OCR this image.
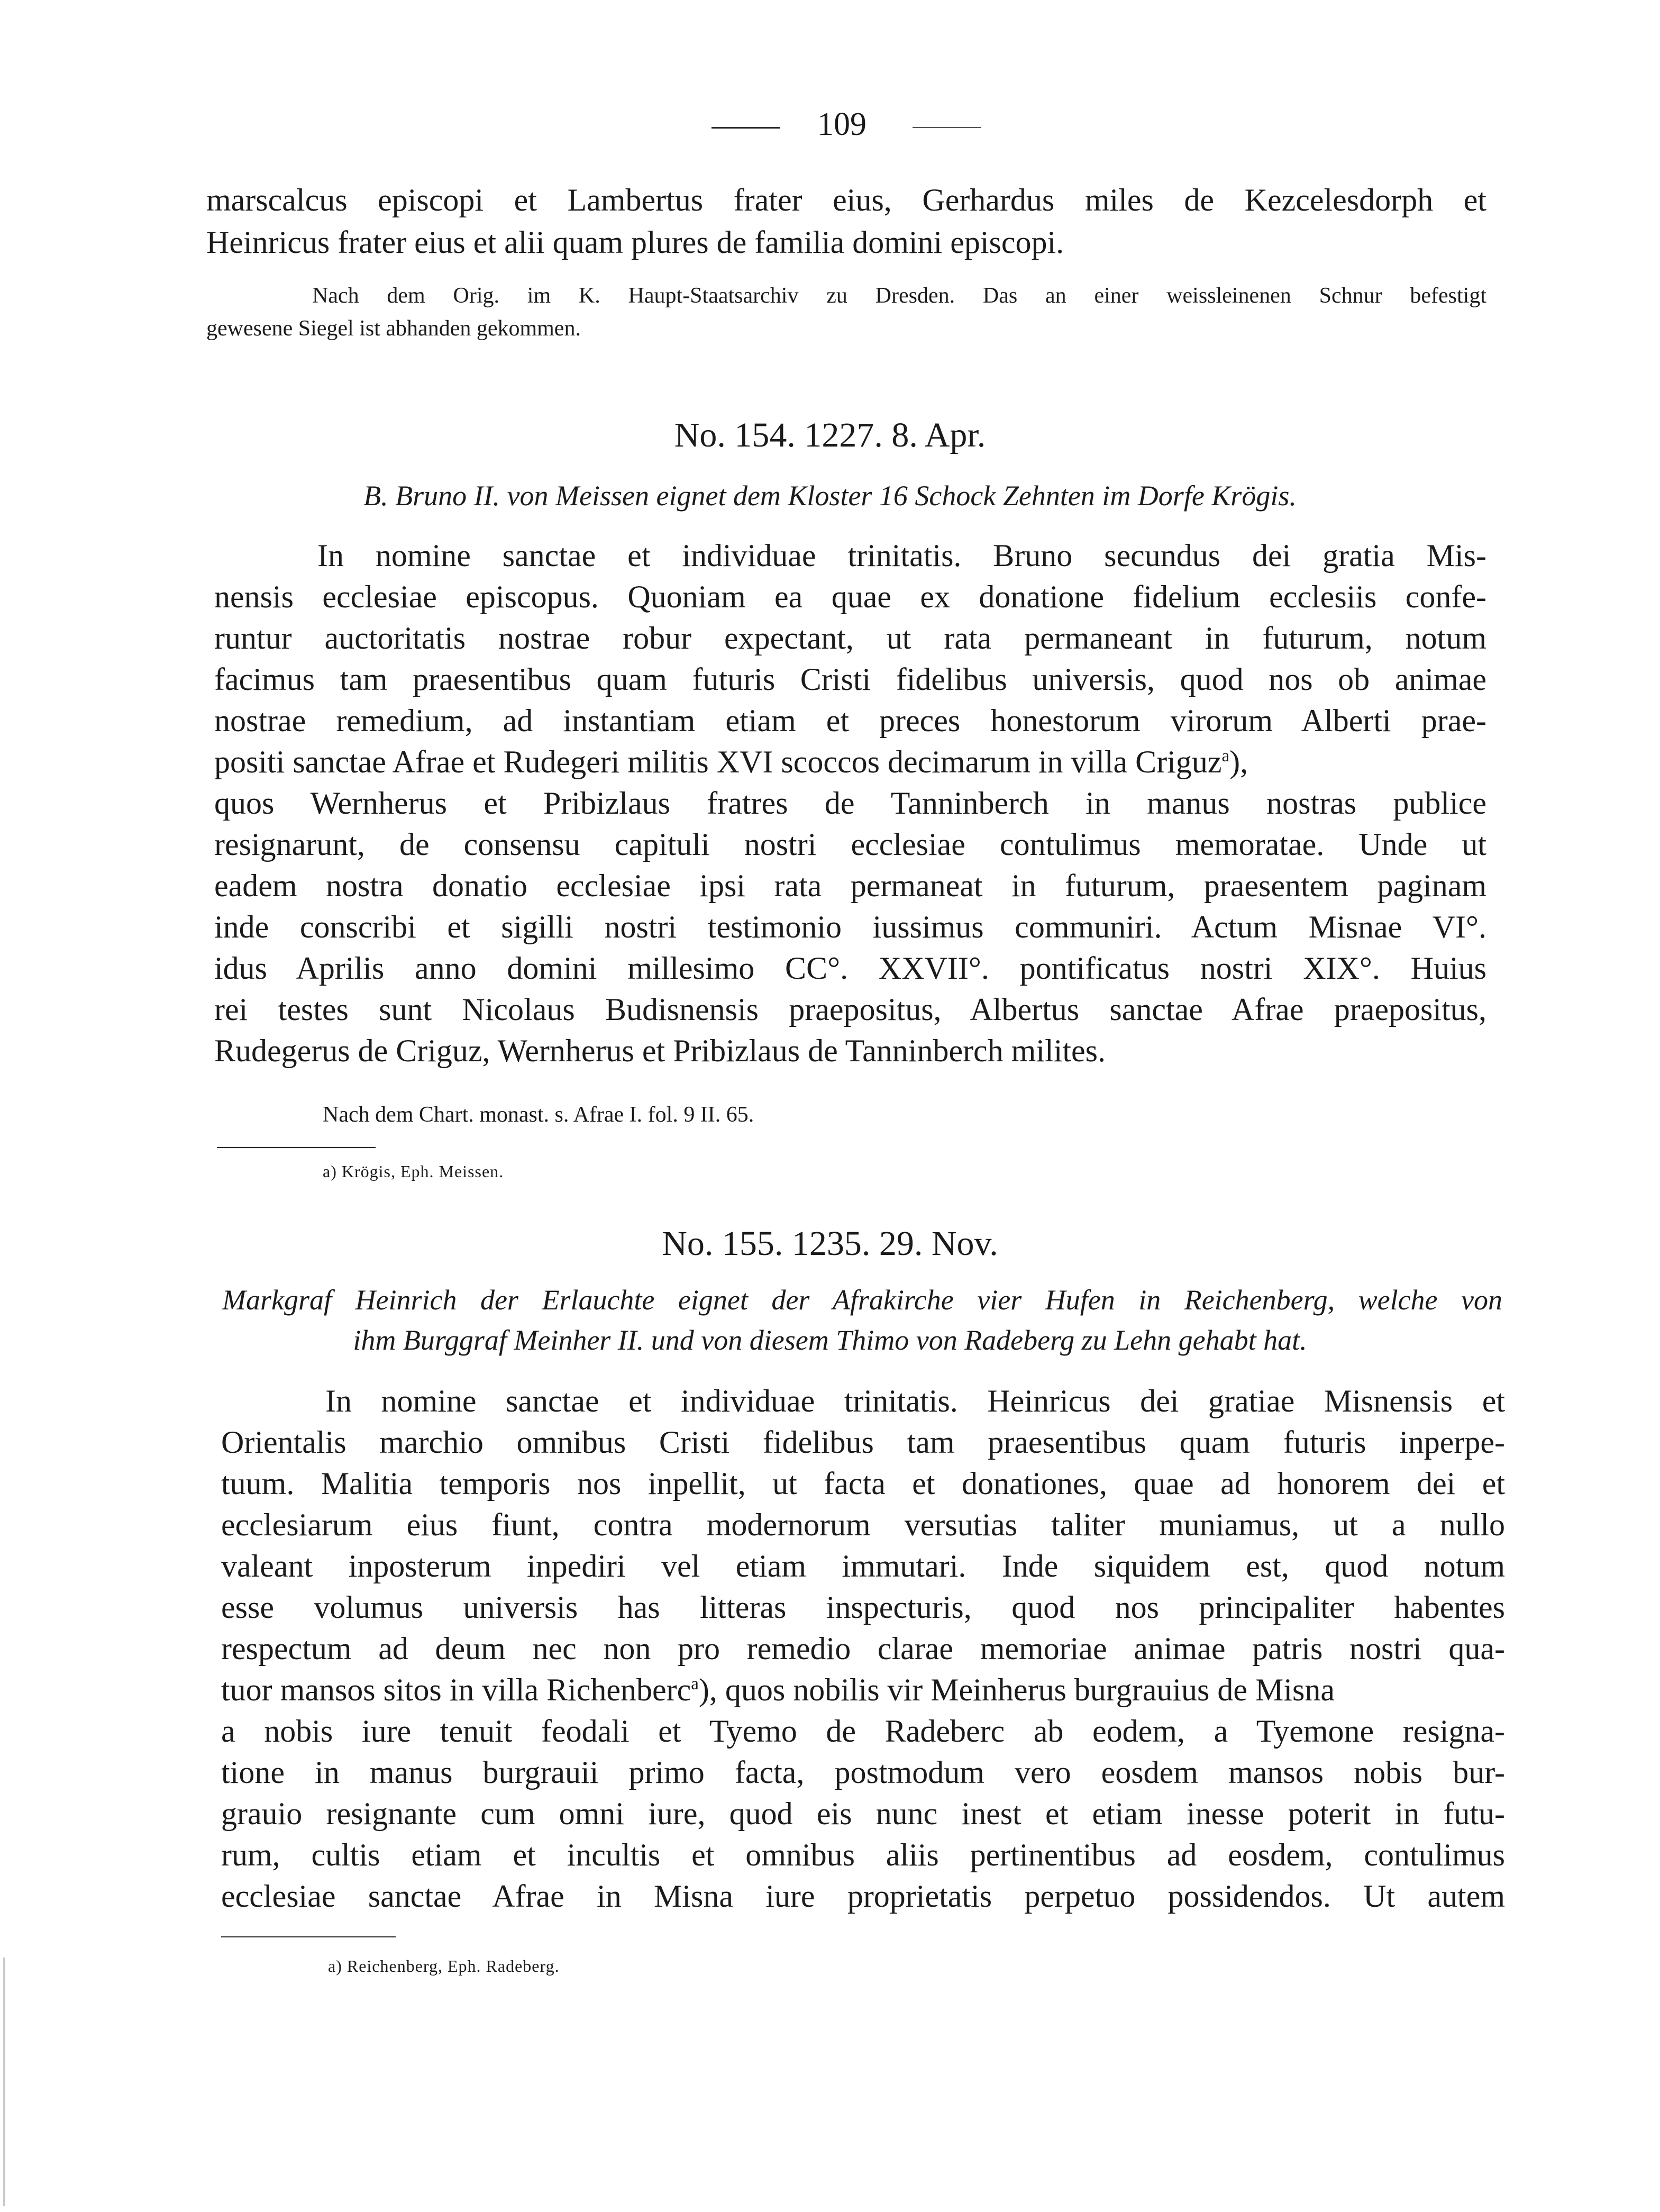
109
marscalcus episcopi et Lambertus frater eius, Gerhardus miles de Kezcelesdorph et
Heinricus frater eius et alii quam plures de familia domini episcopi.
Nach dem Orig. im K. Haupt-Staatsarchiv zu Dresden. Das an einer weissleinenen Schnur befestigt
gewesene Siegel ist abhanden gekommen.
No. 154. 1227. 8. Apr.
B. Bruno II. von Meissen eignet dem Kloster 16 Schock Zehnten im Dorfe Krögis.
In nomine sanctae et individuae trinitatis. Bruno secundus dei gratia Mis-
nensis ecclesiae episcopus. Quoniam ea quae ex donatione fidelium ecclesiis confe-
runtur auctoritatis nostrae robur expectant, ut rata permaneant in futurum, notum
facimus tam praesentibus quam futuris Cristi fidelibus universis, quod nos ob animae
nostrae remedium, ad instantiam etiam et preces honestorum virorum Alberti prae-
positi sanctae Afrae et Rudegeri militis XVI scoccos decimarum in villa Criguz$^a$),
quos Wernherus et Pribizlaus fratres de Tanninberch in manus nostras publice
resignarunt, de consensu capituli nostri ecclesiae contulimus memoratae. Unde ut
eadem nostra donatio ecclesiae ipsi rata permaneat in futurum, praesentem paginam
inde conscribi et sigilli nostri testimonio iussimus communiri. Actum Misnae VI°.
idus Aprilis anno domini millesimo CC°. XXVII°. pontificatus nostri XIX°. Huius
rei testes sunt Nicolaus Budisnensis praepositus, Albertus sanctae Afrae praepositus,
Rudegerus de Criguz, Wernherus et Pribizlaus de Tanninberch milites.
Nach dem Chart. monast. s. Afrae I. fol. 9 II. 65.
a) Krögis, Eph. Meissen.
No. 155. 1235. 29. Nov.
Markgraf Heinrich der Erlauchte eignet der Afrakirche vier Hufen in Reichenberg, welche von
ihm Burggraf Meinher II. und von diesem Thimo von Radeberg zu Lehn gehabt hat.
In nomine sanctae et individuae trinitatis. Heinricus dei gratiae Misnensis et
Orientalis marchio omnibus Cristi fidelibus tam praesentibus quam futuris inperpe-
tuum. Malitia temporis nos inpellit, ut facta et donationes, quae ad honorem dei et
ecclesiarum eius fiunt, contra modernorum versutias taliter muniamus, ut a nullo
valeant inposterum inpediri vel etiam immutari. Inde siquidem est, quod notum
esse volumus universis has litteras inspecturis, quod nos principaliter habentes
respectum ad deum nec non pro remedio clarae memoriae animae patris nostri qua-
tuor mansos sitos in villa Richenberc$^a$), quos nobilis vir Meinherus burgrauius de Misna
a nobis iure tenuit feodali et Tyemo de Radeberc ab eodem, a Tyemone resigna-
tione in manus burgrauii primo facta, postmodum vero eosdem mansos nobis bur-
grauio resignante cum omni iure, quod eis nunc inest et etiam inesse poterit in futu-
rum, cultis etiam et incultis et omnibus aliis pertinentibus ad eosdem, contulimus
ecclesiae sanctae Afrae in Misna iure proprietatis perpetuo possidendos. Ut autem
a) Reichenberg, Eph. Radeberg.
